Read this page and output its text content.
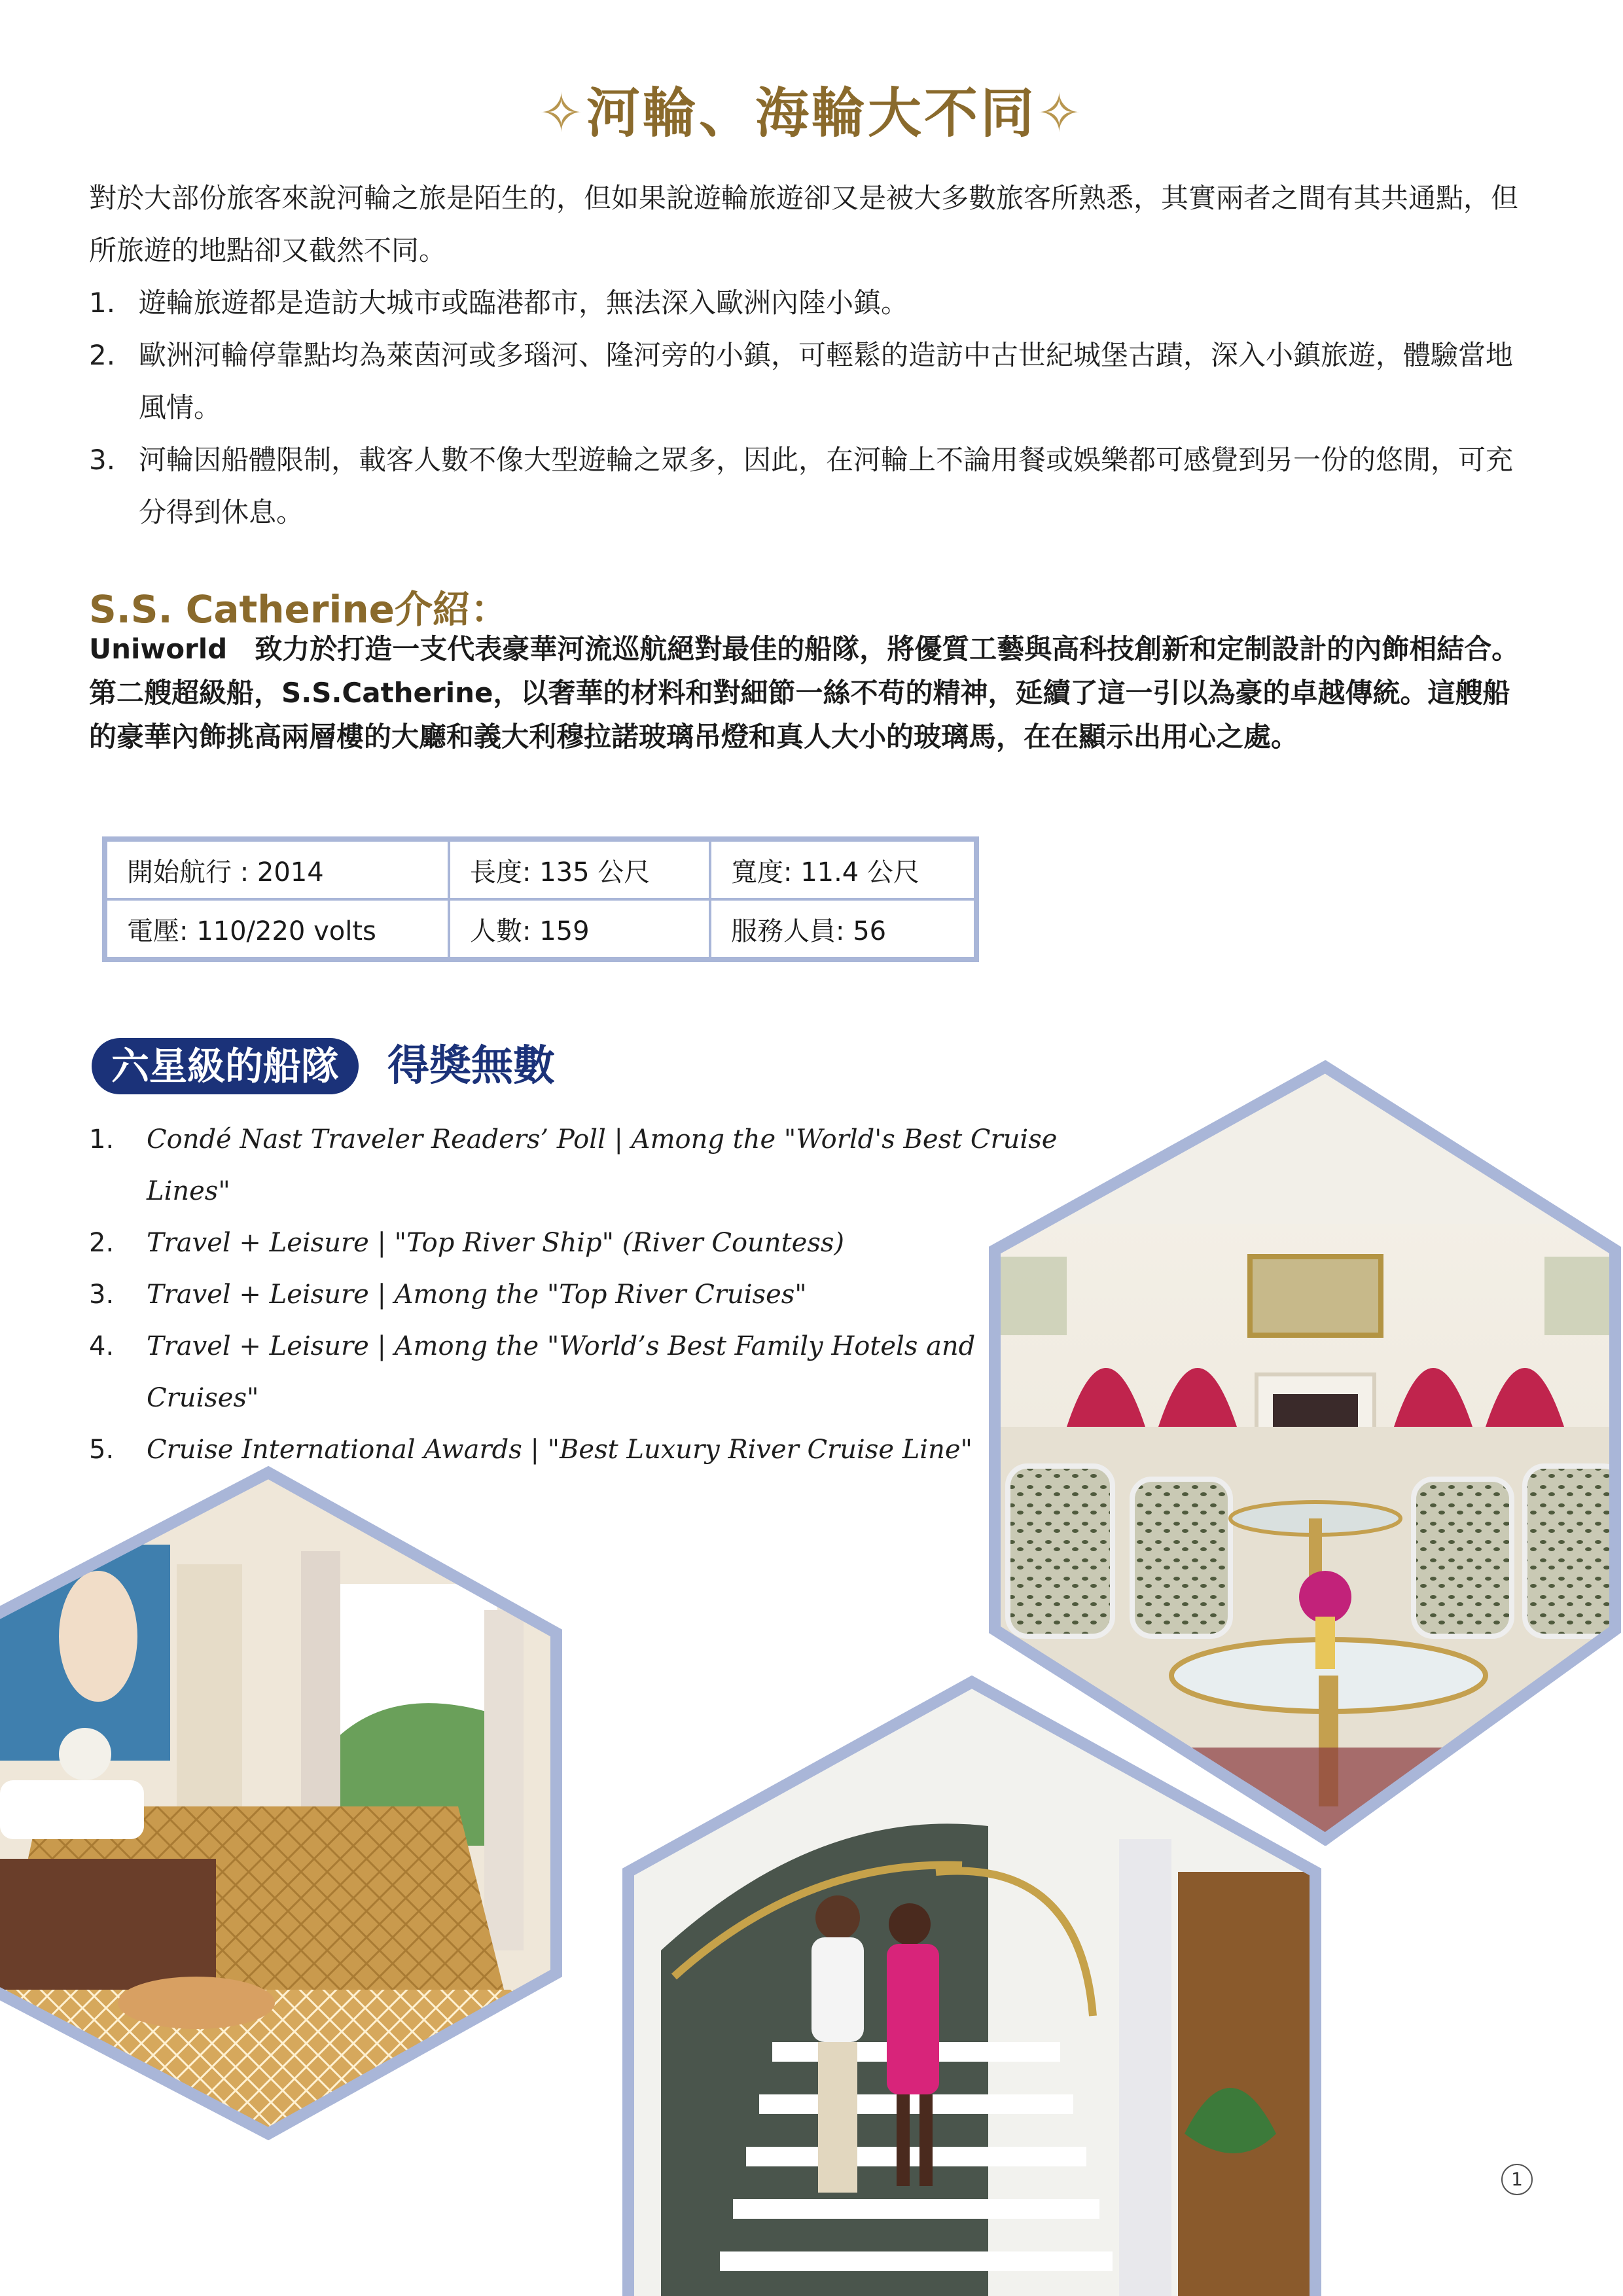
✧河輪、海輪大不同✧
對於大部份旅客來說河輪之旅是陌生的，但如果說遊輪旅遊卻又是被大多數旅客所熟悉，其實兩者之間有其共通點，但所旅遊的地點卻又截然不同。
1. 遊輪旅遊都是造訪大城市或臨港都市，無法深入歐洲內陸小鎮。
2. 歐洲河輪停靠點均為萊茵河或多瑙河、隆河旁的小鎮，可輕鬆的造訪中古世紀城堡古蹟，深入小鎮旅遊，體驗當地風情。
3. 河輪因船體限制，載客人數不像大型遊輪之眾多，因此，在河輪上不論用餐或娛樂都可感覺到另一份的悠閒，可充分得到休息。
S.S. Catherine介紹：
Uniworld　致力於打造一支代表豪華河流巡航絕對最佳的船隊，將優質工藝與高科技創新和定制設計的內飾相結合。第二艘超級船，S.S.Catherine，以奢華的材料和對細節一絲不苟的精神，延續了這一引以為豪的卓越傳統。這艘船的豪華內飾挑高兩層樓的大廳和義大利穆拉諾玻璃吊燈和真人大小的玻璃馬，在在顯示出用心之處。
開始航行 : 2014	長度: 135 公尺	寬度: 11.4 公尺
電壓: 110/220 volts	人數: 159	服務人員: 56
六星級的船隊	得獎無數
1. Condé Nast Traveler Readers’ Poll | Among the "World's Best Cruise Lines"
2. Travel + Leisure | "Top River Ship" (River Countess)
3. Travel + Leisure | Among the "Top River Cruises"
4. Travel + Leisure | Among the "World’s Best Family Hotels and Cruises"
5. Cruise International Awards | "Best Luxury River Cruise Line"
1
